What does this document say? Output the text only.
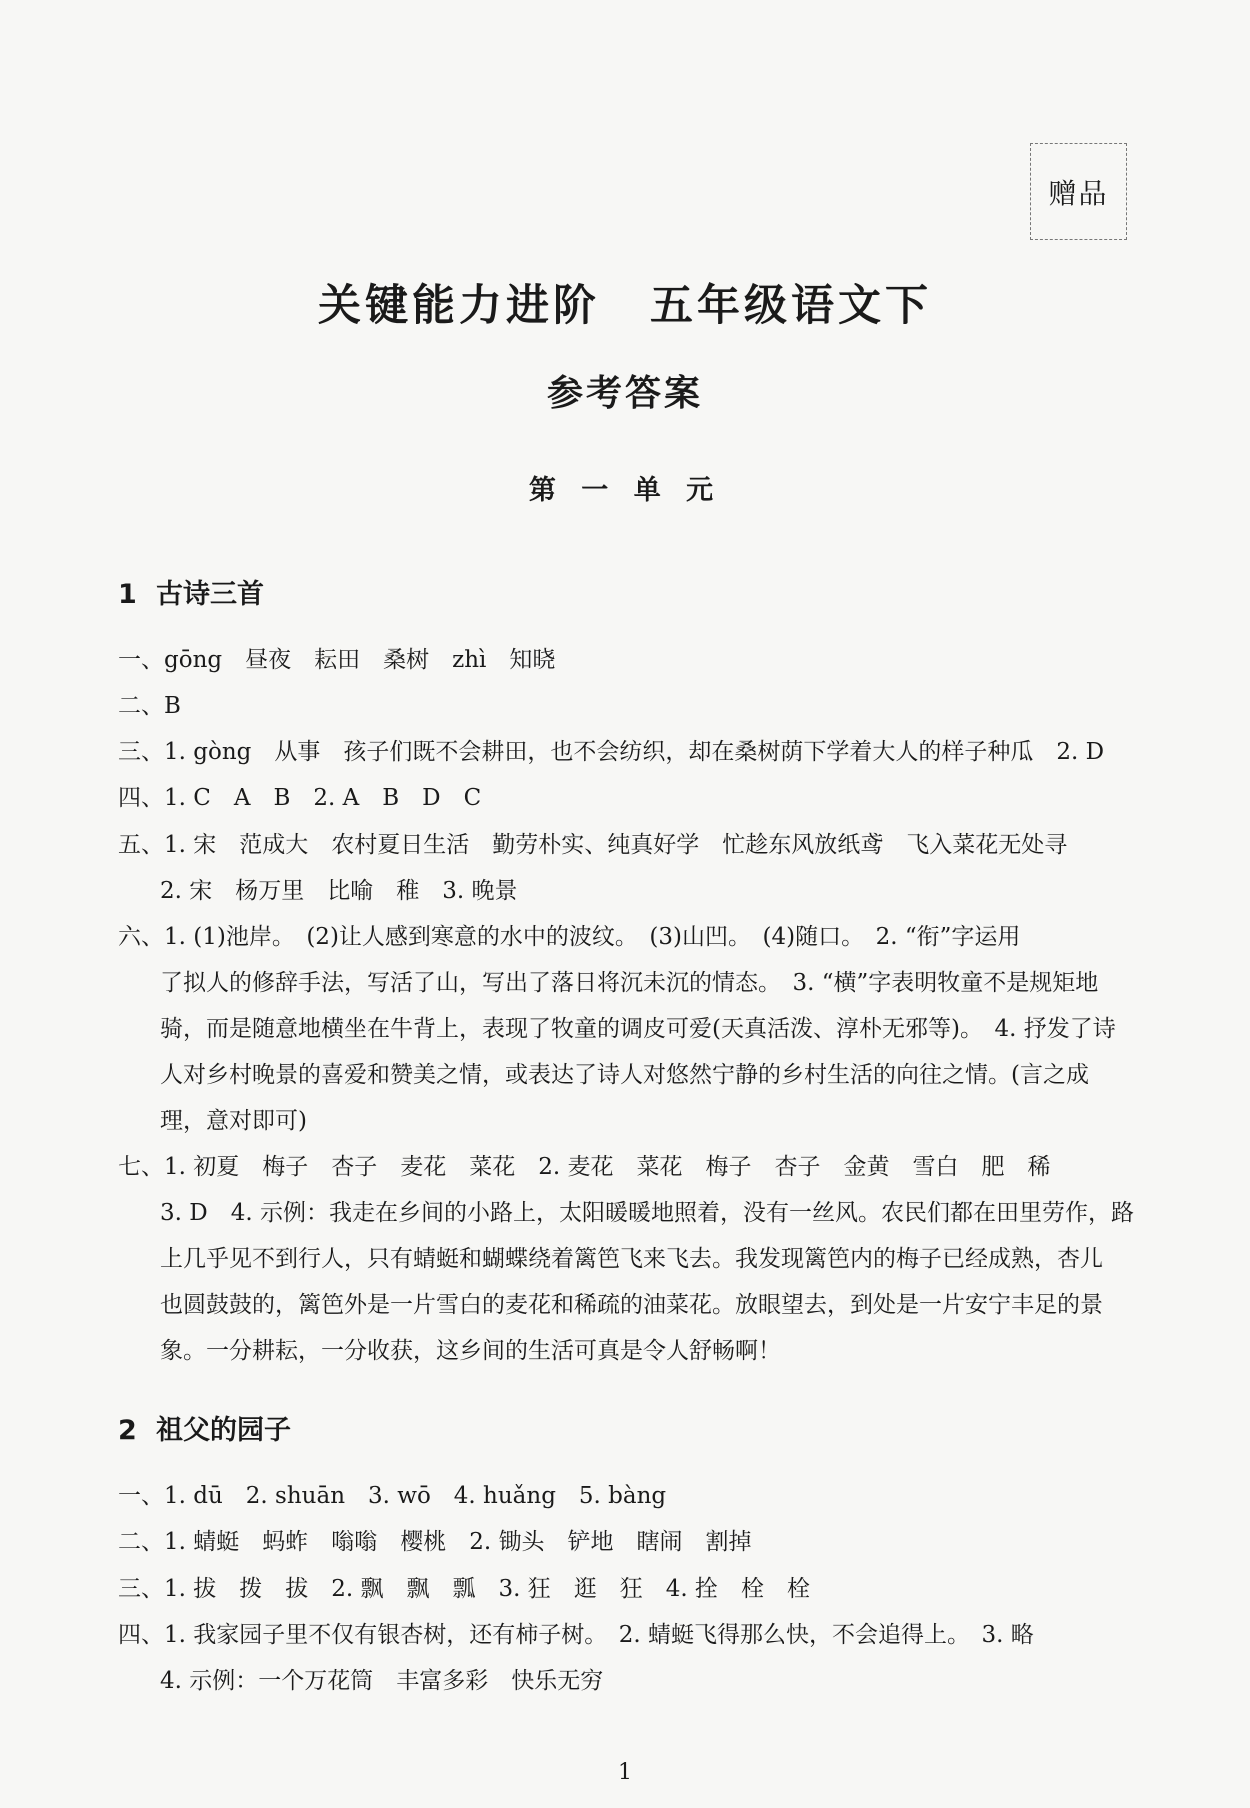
赠品
关键能力进阶 五年级语文下
参考答案
第 一 单 元
1 古诗三首
一、gōng　昼夜　耘田　桑树　zhì　知晓
二、B
三、1. gòng　从事　孩子们既不会耕田，也不会纺织，却在桑树荫下学着大人的样子种瓜　2. D
四、1. C　A　B　2. A　B　D　C
五、1. 宋　范成大　农村夏日生活　勤劳朴实、纯真好学　忙趁东风放纸鸢　飞入菜花无处寻
2. 宋　杨万里　比喻　稚　3. 晚景
六、1. (1)池岸。　(2)让人感到寒意的水中的波纹。　(3)山凹。　(4)随口。　2. “衔”字运用
了拟人的修辞手法，写活了山，写出了落日将沉未沉的情态。　3. “横”字表明牧童不是规矩地
骑，而是随意地横坐在牛背上，表现了牧童的调皮可爱(天真活泼、淳朴无邪等)。　4. 抒发了诗
人对乡村晚景的喜爱和赞美之情，或表达了诗人对悠然宁静的乡村生活的向往之情。(言之成
理，意对即可)
七、1. 初夏　梅子　杏子　麦花　菜花　2. 麦花　菜花　梅子　杏子　金黄　雪白　肥　稀
3. D　4. 示例：我走在乡间的小路上，太阳暖暖地照着，没有一丝风。农民们都在田里劳作，路
上几乎见不到行人，只有蜻蜓和蝴蝶绕着篱笆飞来飞去。我发现篱笆内的梅子已经成熟，杏儿
也圆鼓鼓的，篱笆外是一片雪白的麦花和稀疏的油菜花。放眼望去，到处是一片安宁丰足的景
象。一分耕耘，一分收获，这乡间的生活可真是令人舒畅啊！
2 祖父的园子
一、1. dū　2. shuān　3. wō　4. huǎng　5. bàng
二、1. 蜻蜓　蚂蚱　嗡嗡　樱桃　2. 锄头　铲地　瞎闹　割掉
三、1. 拔　拨　拔　2. 飘　飘　瓢　3. 狂　逛　狂　4. 拴　栓　栓
四、1. 我家园子里不仅有银杏树，还有柿子树。　2. 蜻蜓飞得那么快，不会追得上。　3. 略
4. 示例：一个万花筒　丰富多彩　快乐无穷
1
